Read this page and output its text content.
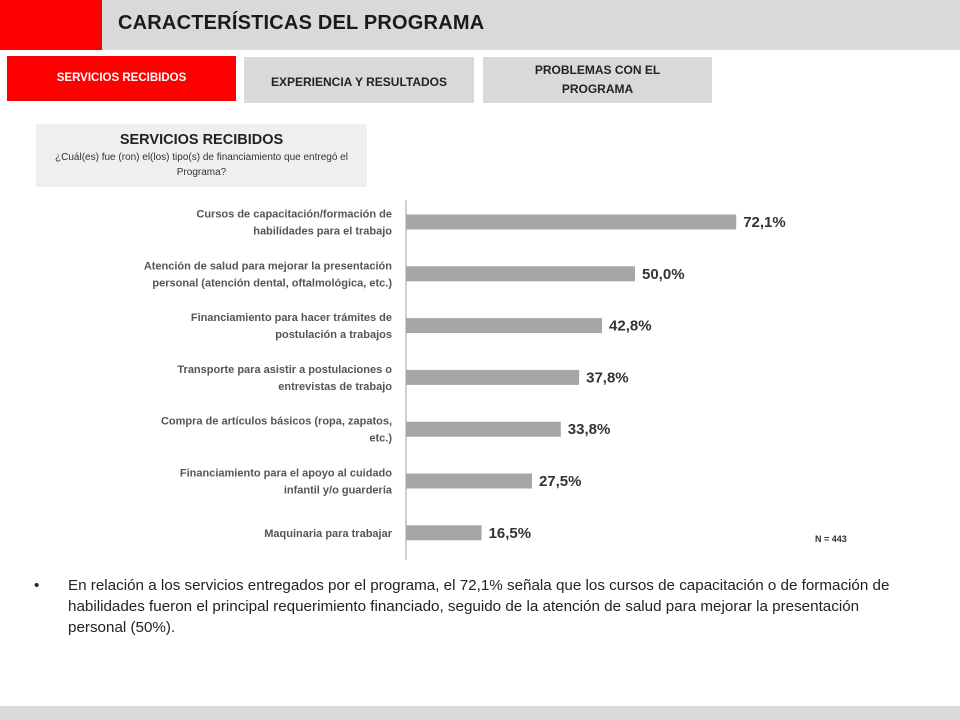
CARACTERÍSTICAS DEL PROGRAMA
SERVICIOS RECIBIDOS	EXPERIENCIA Y RESULTADOS
PROBLEMAS CON EL PROGRAMA
SERVICIOS RECIBIDOS
¿Cuál(es) fue (ron) el(los) tipo(s) de financiamiento que entregó el Programa?
72,1%
Cursos de capacitación/formación de
habilidades para el trabajo
50,0%
Atención de salud para mejorar la presentación
personal (atención dental, oftalmológica, etc.)
42,8%
Financiamiento para hacer trámites de
postulación a trabajos
37,8%
Transporte para asistir a postulaciones o
entrevistas de trabajo
33,8%
Compra de artículos básicos (ropa, zapatos,
etc.)
27,5%
Financiamiento para el apoyo al cuidado
infantil y/o guardería
16,5%
Maquinaria para trabajar	N = 443
•	En relación a los servicios entregados por el programa, el 72,1% señala que los cursos de capacitación o de formación de habilidades fueron el principal requerimiento financiado, seguido de la atención de salud para mejorar la presentación personal (50%).
